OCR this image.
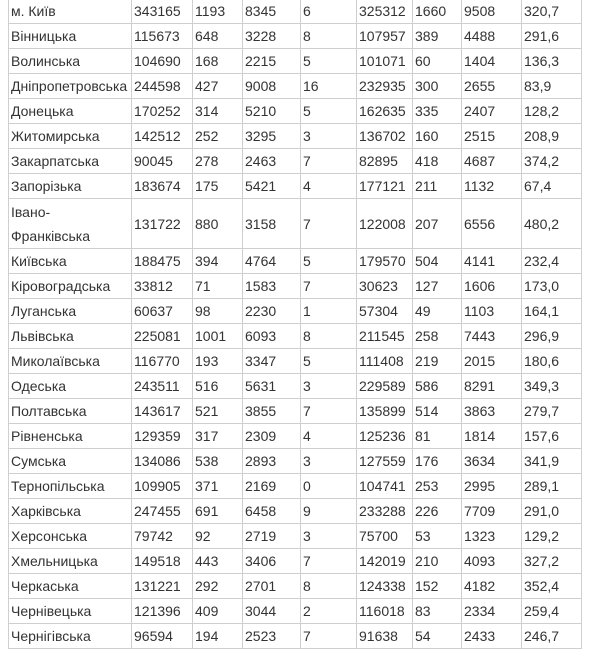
м. Київ	343165	1193	8345	6	325312	1660	9508	320,7
Вінницька	115673	648	3228	8	107957	389	4488	291,6
Волинська	104690	168	2215	5	101071	60	1404	136,3
Дніпропетровська	244598	427	9008	16	232935	300	2655	83,9
Донецька	170252	314	5210	5	162635	335	2407	128,2
Житомирська	142512	252	3295	3	136702	160	2515	208,9
Закарпатська	90045	278	2463	7	82895	418	4687	374,2
Запорізька	183674	175	5421	4	177121	211	1132	67,4
Івано-Франківська	131722	880	3158	7	122008	207	6556	480,2
Київська	188475	394	4764	5	179570	504	4141	232,4
Кіровоградська	33812	71	1583	7	30623	127	1606	173,0
Луганська	60637	98	2230	1	57304	49	1103	164,1
Львівська	225081	1001	6093	8	211545	258	7443	296,9
Миколаївська	116770	193	3347	5	111408	219	2015	180,6
Одеська	243511	516	5631	3	229589	586	8291	349,3
Полтавська	143617	521	3855	7	135899	514	3863	279,7
Рівненська	129359	317	2309	4	125236	81	1814	157,6
Сумська	134086	538	2893	3	127559	176	3634	341,9
Тернопільська	109905	371	2169	0	104741	253	2995	289,1
Харківська	247455	691	6458	9	233288	226	7709	291,0
Херсонська	79742	92	2719	3	75700	53	1323	129,2
Хмельницька	149518	443	3406	7	142019	210	4093	327,2
Черкаська	131221	292	2701	8	124338	152	4182	352,4
Чернівецька	121396	409	3044	2	116018	83	2334	259,4
Чернігівська	96594	194	2523	7	91638	54	2433	246,7
